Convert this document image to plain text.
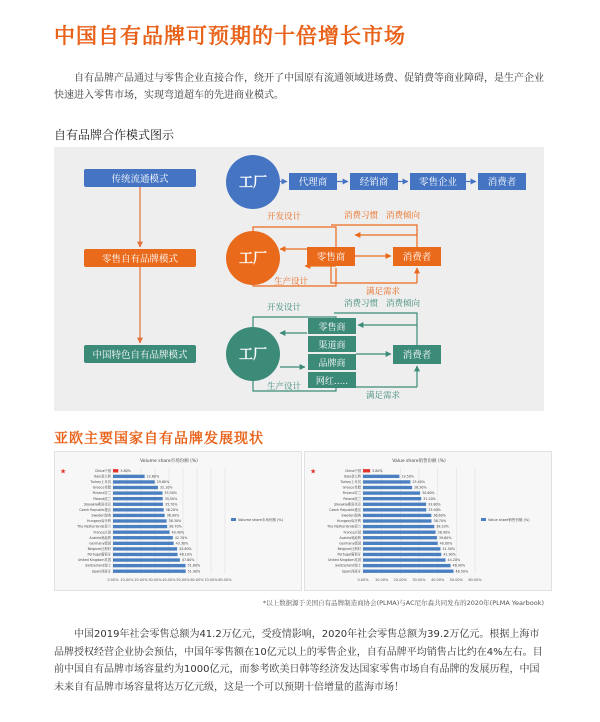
中国自有品牌可预期的十倍增长市场

自有品牌产品通过与零售企业直接合作，绕开了中国原有流通领域进场费、促销费等商业障碍，是生产企业快速进入零售市场，实现弯道超车的先进商业模式。

自有品牌合作模式图示
传统流通模式
零售自有品牌模式
中国特色自有品牌模式
工厂	代理商	经销商	零售企业	消费者
开发设计
生产设计
零售商	消费者
消费习惯 消费倾向
满足需求
工厂
开发设计
生产设计
零售商
渠道商
品牌商
网红.....
消费者
消费习惯 消费倾向
满足需求
工厂
亚欧主要国家自有品牌发展现状
Volume share市场份额 (%)
0.00% 10.00% 20.00% 30.00% 40.00% 50.00% 60.00% 70.00% 80.00%
China中国	3.80%
★
Italy意大利	22.60%
Turkey土耳其	29.80%
Greece希腊	32.10%
Finland芬兰	35.30%
Poland波兰	35.50%
Slovakia斯洛伐克	35.70%
Czech Republic捷克	36.20%
Sweden瑞典	36.90%
Hungary匈牙利	38.30%
The Netherlands荷兰	38.70%
France法国	40.40%
Austria奥地利	42.70%
Germany德国	43.30%
Belgium比利时	45.80%
Portugal葡萄牙	46.10%
United Kingdom英国	47.80%
Switzerland瑞士	51.80%
Spain西班牙	51.90%
Volume share市场份额 (%)
Value share销售份额 (%)
0.00% 10.00% 20.00% 30.00% 40.00% 50.00% 60.00%
China中国	3.80%
★
Italy意大利	19.50%
Turkey土耳其	25.40%
Greece希腊	26.30%
Finland芬兰	30.60%
Poland波兰	31.20%
Slovakia斯洛伐克	33.80%
Czech Republic捷克	33.90%
Sweden瑞典	36.60%
Hungary匈牙利	36.70%
The Netherlands荷兰	38.20%
France法国	38.90%
Austria奥地利	39.60%
Germany德国	40.00%
Belgium比利时	41.50%
Portugal葡萄牙	41.90%
United Kingdom英国	44.20%
Switzerland瑞士	46.90%
Spain西班牙	48.50%
Value share销售份额 (%)
*以上数据源于美国自有品牌制造商协会(PLMA)与AC尼尔森共同发布的2020年(PLMA Yearbook)

中国2019年社会零售总额为41.2万亿元，受疫情影响，2020年社会零售总额为39.2万亿元。根据上海市品牌授权经营企业协会预估，中国年零售额在10亿元以上的零售企业，自有品牌平均销售占比约在4%左右。目前中国自有品牌市场容量约为1000亿元，而参考欧美日韩等经济发达国家零售市场自有品牌的发展历程，中国未来自有品牌市场容量将达万亿元级，这是一个可以预期十倍增量的蓝海市场！
